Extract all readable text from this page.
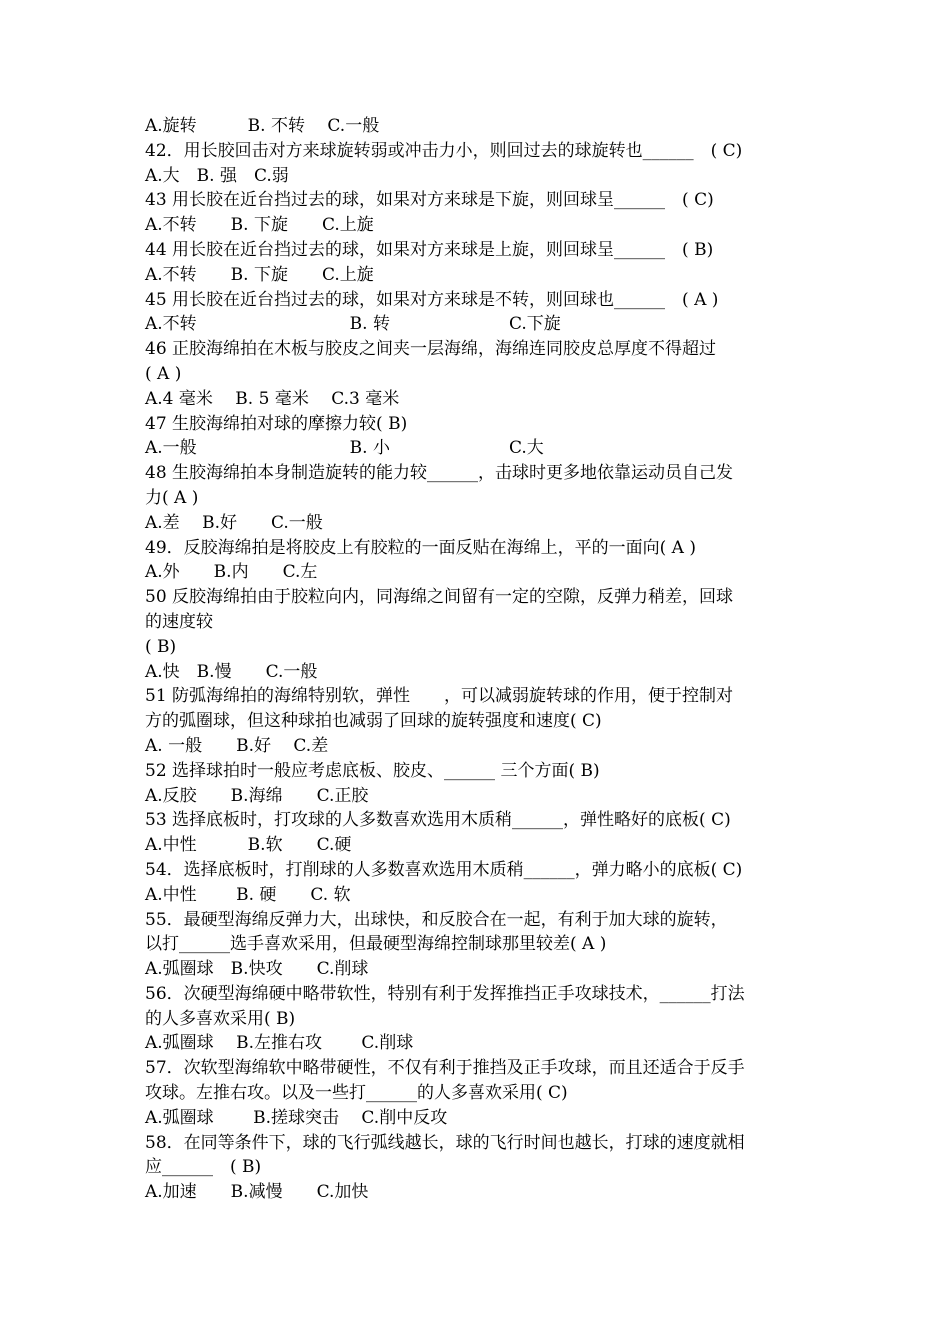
A.旋转　　　B. 不转　 C.一般
42．用长胶回击对方来球旋转弱或冲击力小，则回过去的球旋转也______　( C)
A.大　B. 强　C.弱
43 用长胶在近台挡过去的球，如果对方来球是下旋，则回球呈______　( C)
A.不转　　B. 下旋　　C.上旋
44 用长胶在近台挡过去的球，如果对方来球是上旋，则回球呈______　( B)
A.不转　　B. 下旋　　C.上旋
45 用长胶在近台挡过去的球，如果对方来球是不转，则回球也______　( A )
A.不转　　　　　　　　　B. 转　　　　　　　C.下旋
46 正胶海绵拍在木板与胶皮之间夹一层海绵，海绵连同胶皮总厚度不得超过
( A )
A.4 毫米　 B. 5 毫米　 C.3 毫米
47 生胶海绵拍对球的摩擦力较( B)
A.一般　　　　　　　　　B. 小　　　　　　　C.大
48 生胶海绵拍本身制造旋转的能力较______，击球时更多地依靠运动员自己发
力( A )
A.差　 B.好　　C.一般
49．反胶海绵拍是将胶皮上有胶粒的一面反贴在海绵上，平的一面向( A )
A.外　　B.内　　C.左
50 反胶海绵拍由于胶粒向内，同海绵之间留有一定的空隙，反弹力稍差，回球
的速度较
( B)
A.快　B.慢　　C.一般
51 防弧海绵拍的海绵特别软，弹性　　，可以减弱旋转球的作用，便于控制对
方的弧圈球，但这种球拍也减弱了回球的旋转强度和速度( C)
A. 一般　　B.好　 C.差
52 选择球拍时一般应考虑底板、胶皮、______ 三个方面( B)
A.反胶　　B.海绵　　C.正胶
53 选择底板时，打攻球的人多数喜欢选用木质稍______，弹性略好的底板( C)
A.中性　　　B.软　　C.硬
54．选择底板时，打削球的人多数喜欢选用木质稍______，弹力略小的底板( C)
A.中性　　 B. 硬　　C. 软
55．最硬型海绵反弹力大，出球快，和反胶合在一起，有利于加大球的旋转，
以打______选手喜欢采用，但最硬型海绵控制球那里较差( A )
A.弧圈球　B.快攻　　C.削球
56．次硬型海绵硬中略带软性，特别有利于发挥推挡正手攻球技术，______打法
的人多喜欢采用( B)
A.弧圈球　 B.左推右攻　　 C.削球
57．次软型海绵软中略带硬性，不仅有利于推挡及正手攻球，而且还适合于反手
攻球。左推右攻。以及一些打______的人多喜欢采用( C)
A.弧圈球　　 B.搓球突击　 C.削中反攻
58．在同等条件下，球的飞行弧线越长，球的飞行时间也越长，打球的速度就相
应______　( B)
A.加速　　B.减慢　　C.加快
